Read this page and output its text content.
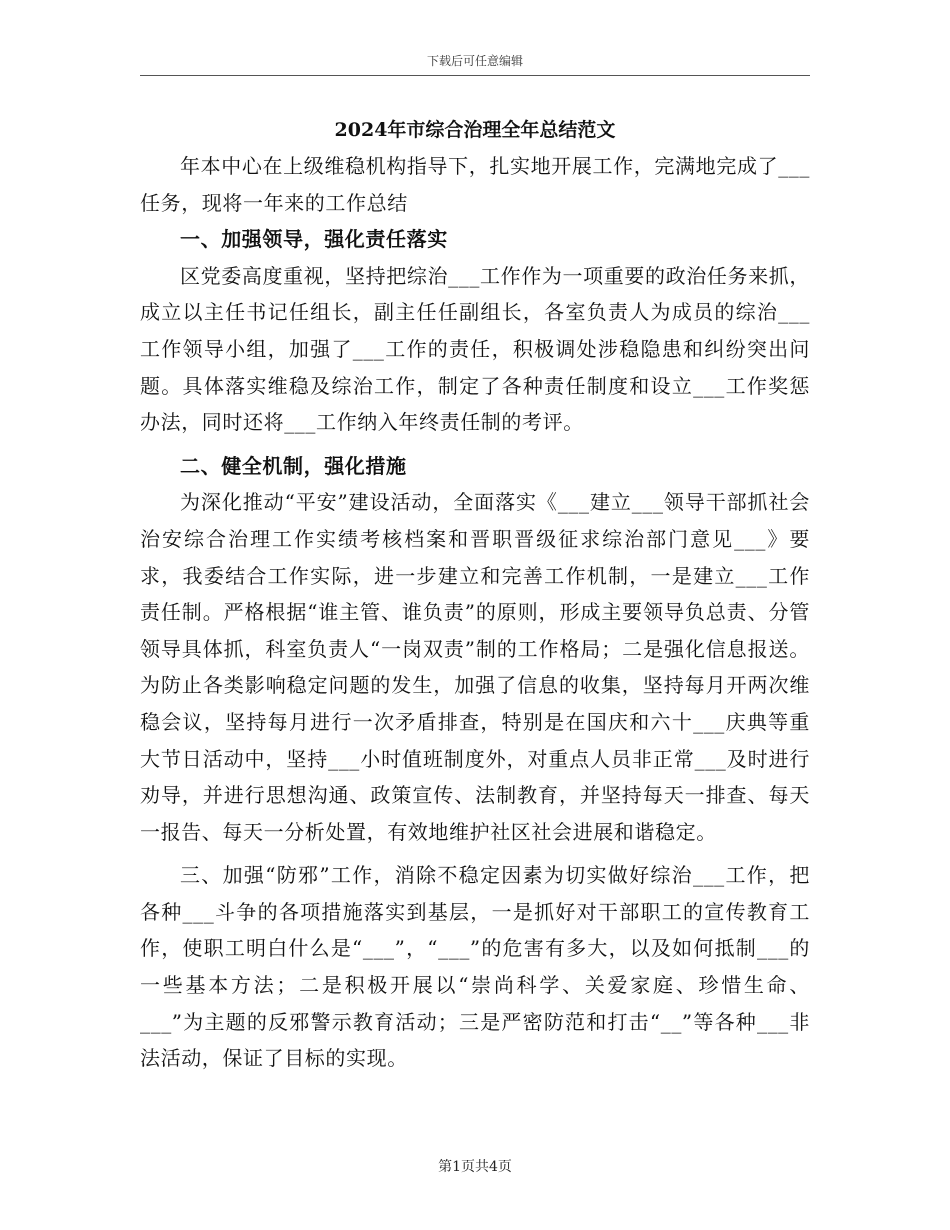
下载后可任意编辑
2024年市综合治理全年总结范文

年本中心在上级维稳机构指导下，扎实地开展工作，完满地完成了___任务，现将一年来的工作总结

一、加强领导，强化责任落实

区党委高度重视，坚持把综治___工作作为一项重要的政治任务来抓，成立以主任书记任组长，副主任任副组长，各室负责人为成员的综治___工作领导小组，加强了___工作的责任，积极调处涉稳隐患和纠纷突出问题。具体落实维稳及综治工作，制定了各种责任制度和设立___工作奖惩办法，同时还将___工作纳入年终责任制的考评。

二、健全机制，强化措施

为深化推动“平安”建设活动，全面落实《___建立___领导干部抓社会治安综合治理工作实绩考核档案和晋职晋级征求综治部门意见___》要求，我委结合工作实际，进一步建立和完善工作机制，一是建立___工作责任制。严格根据“谁主管、谁负责”的原则，形成主要领导负总责、分管领导具体抓，科室负责人“一岗双责”制的工作格局；二是强化信息报送。为防止各类影响稳定问题的发生，加强了信息的收集，坚持每月开两次维稳会议，坚持每月进行一次矛盾排查，特别是在国庆和六十___庆典等重大节日活动中，坚持___小时值班制度外，对重点人员非正常___及时进行劝导，并进行思想沟通、政策宣传、法制教育，并坚持每天一排查、每天一报告、每天一分析处置，有效地维护社区社会进展和谐稳定。

三、加强“防邪”工作，消除不稳定因素为切实做好综治___工作，把各种___斗争的各项措施落实到基层，一是抓好对干部职工的宣传教育工作，使职工明白什么是“___”，“___”的危害有多大，以及如何抵制___的一些基本方法；二是积极开展以“崇尚科学、关爱家庭、珍惜生命、___”为主题的反邪警示教育活动；三是严密防范和打击“__”等各种___非法活动，保证了目标的实现。

第1页共4页
